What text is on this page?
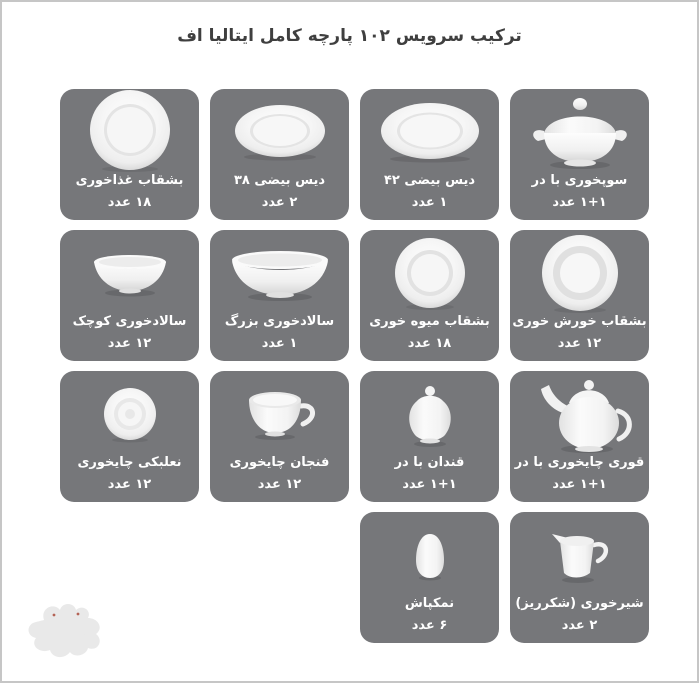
ترکیب سرویس ۱۰۲ پارچه کامل ایتالیا اف
سوپخوری با در
۱+۱ عدد
دیس بیضی ۴۲
۱ عدد
دیس بیضی ۳۸
۲ عدد
بشقاب غذاخوری
۱۸ عدد
بشقاب خورش خوری
۱۲ عدد
بشقاب میوه خوری
۱۸ عدد
سالادخوری بزرگ
۱ عدد
سالادخوری کوچک
۱۲ عدد
قوری چایخوری با در
۱+۱ عدد
قندان با در
۱+۱ عدد
فنجان چایخوری
۱۲ عدد
نعلبکی چایخوری
۱۲ عدد
شیرخوری (شکرریز)
۲ عدد
نمکپاش
۶ عدد
